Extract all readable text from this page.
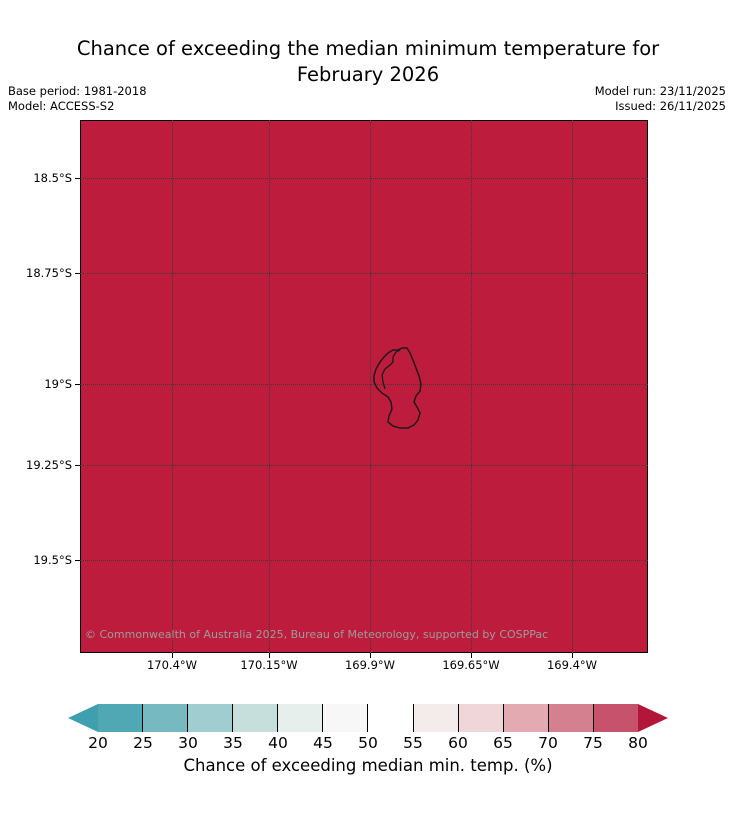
Chance of exceeding the median minimum temperature for
February 2026
Base period: 1981-2018
Model: ACCESS-S2
Model run: 23/11/2025
Issued: 26/11/2025
18.5°S
18.75°S
19°S
19.25°S
19.5°S
170.4°W	170.15°W	169.9°W	169.65°W	169.4°W
© Commonwealth of Australia 2025, Bureau of Meteorology, supported by COSPPac
20 25 30 35 40 45 50 55 60 65 70 75 80
Chance of exceeding median min. temp. (%)
